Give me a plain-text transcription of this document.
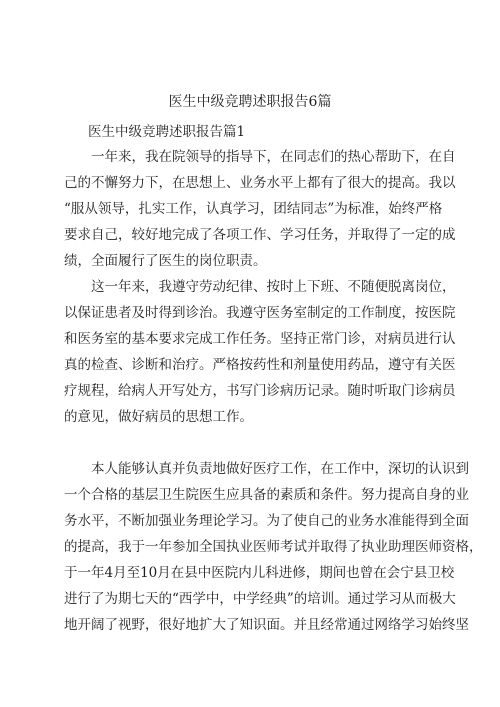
医生中级竞聘述职报告6篇
医生中级竞聘述职报告篇1
　　一年来，我在院领导的指导下，在同志们的热心帮助下，在自
己的不懈努力下，在思想上、业务水平上都有了很大的提高。我以
“服从领导，扎实工作，认真学习，团结同志”为标准，始终严格
要求自己，较好地完成了各项工作、学习任务，并取得了一定的成
绩，全面履行了医生的岗位职责。
　　这一年来，我遵守劳动纪律、按时上下班、不随便脱离岗位，
以保证患者及时得到诊治。我遵守医务室制定的工作制度，按医院
和医务室的基本要求完成工作任务。坚持正常门诊，对病员进行认
真的检查、诊断和治疗。严格按药性和剂量使用药品，遵守有关医
疗规程，给病人开写处方，书写门诊病历记录。随时听取门诊病员
的意见，做好病员的思想工作。
　　本人能够认真并负责地做好医疗工作，在工作中，深切的认识到
一个合格的基层卫生院医生应具备的素质和条件。努力提高自身的业
务水平，不断加强业务理论学习。为了使自己的业务水准能得到全面
的提高，我于一年参加全国执业医师考试并取得了执业助理医师资格，
于一年4月至10月在县中医院内儿科进修，期间也曾在会宁县卫校
进行了为期七天的“西学中，中学经典”的培训。通过学习从而极大
地开阔了视野，很好地扩大了知识面。并且经常通过网络学习始终坚
